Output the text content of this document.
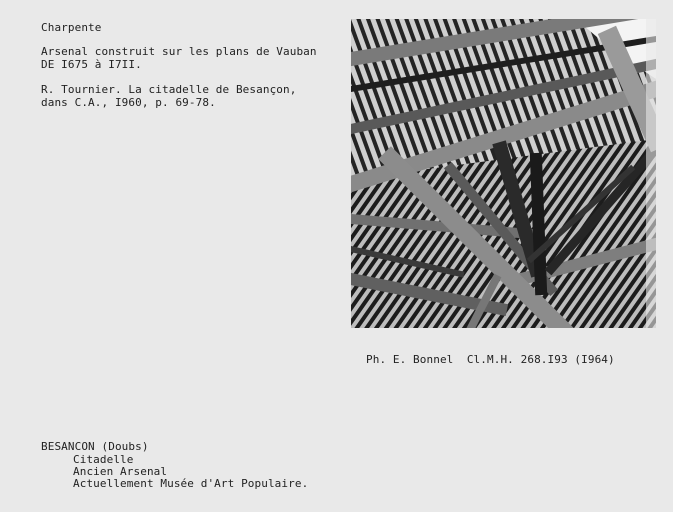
Charpente
Arsenal construit sur les plans de Vauban
DE I675 à I7II.
R. Tournier. La citadelle de Besançon,
dans C.A., I960, p. 69-78.
Ph. E. Bonnel  Cl.M.H. 268.I93 (I964)
BESANCON (Doubs)
Citadelle
Ancien Arsenal
Actuellement Musée d'Art Populaire.
